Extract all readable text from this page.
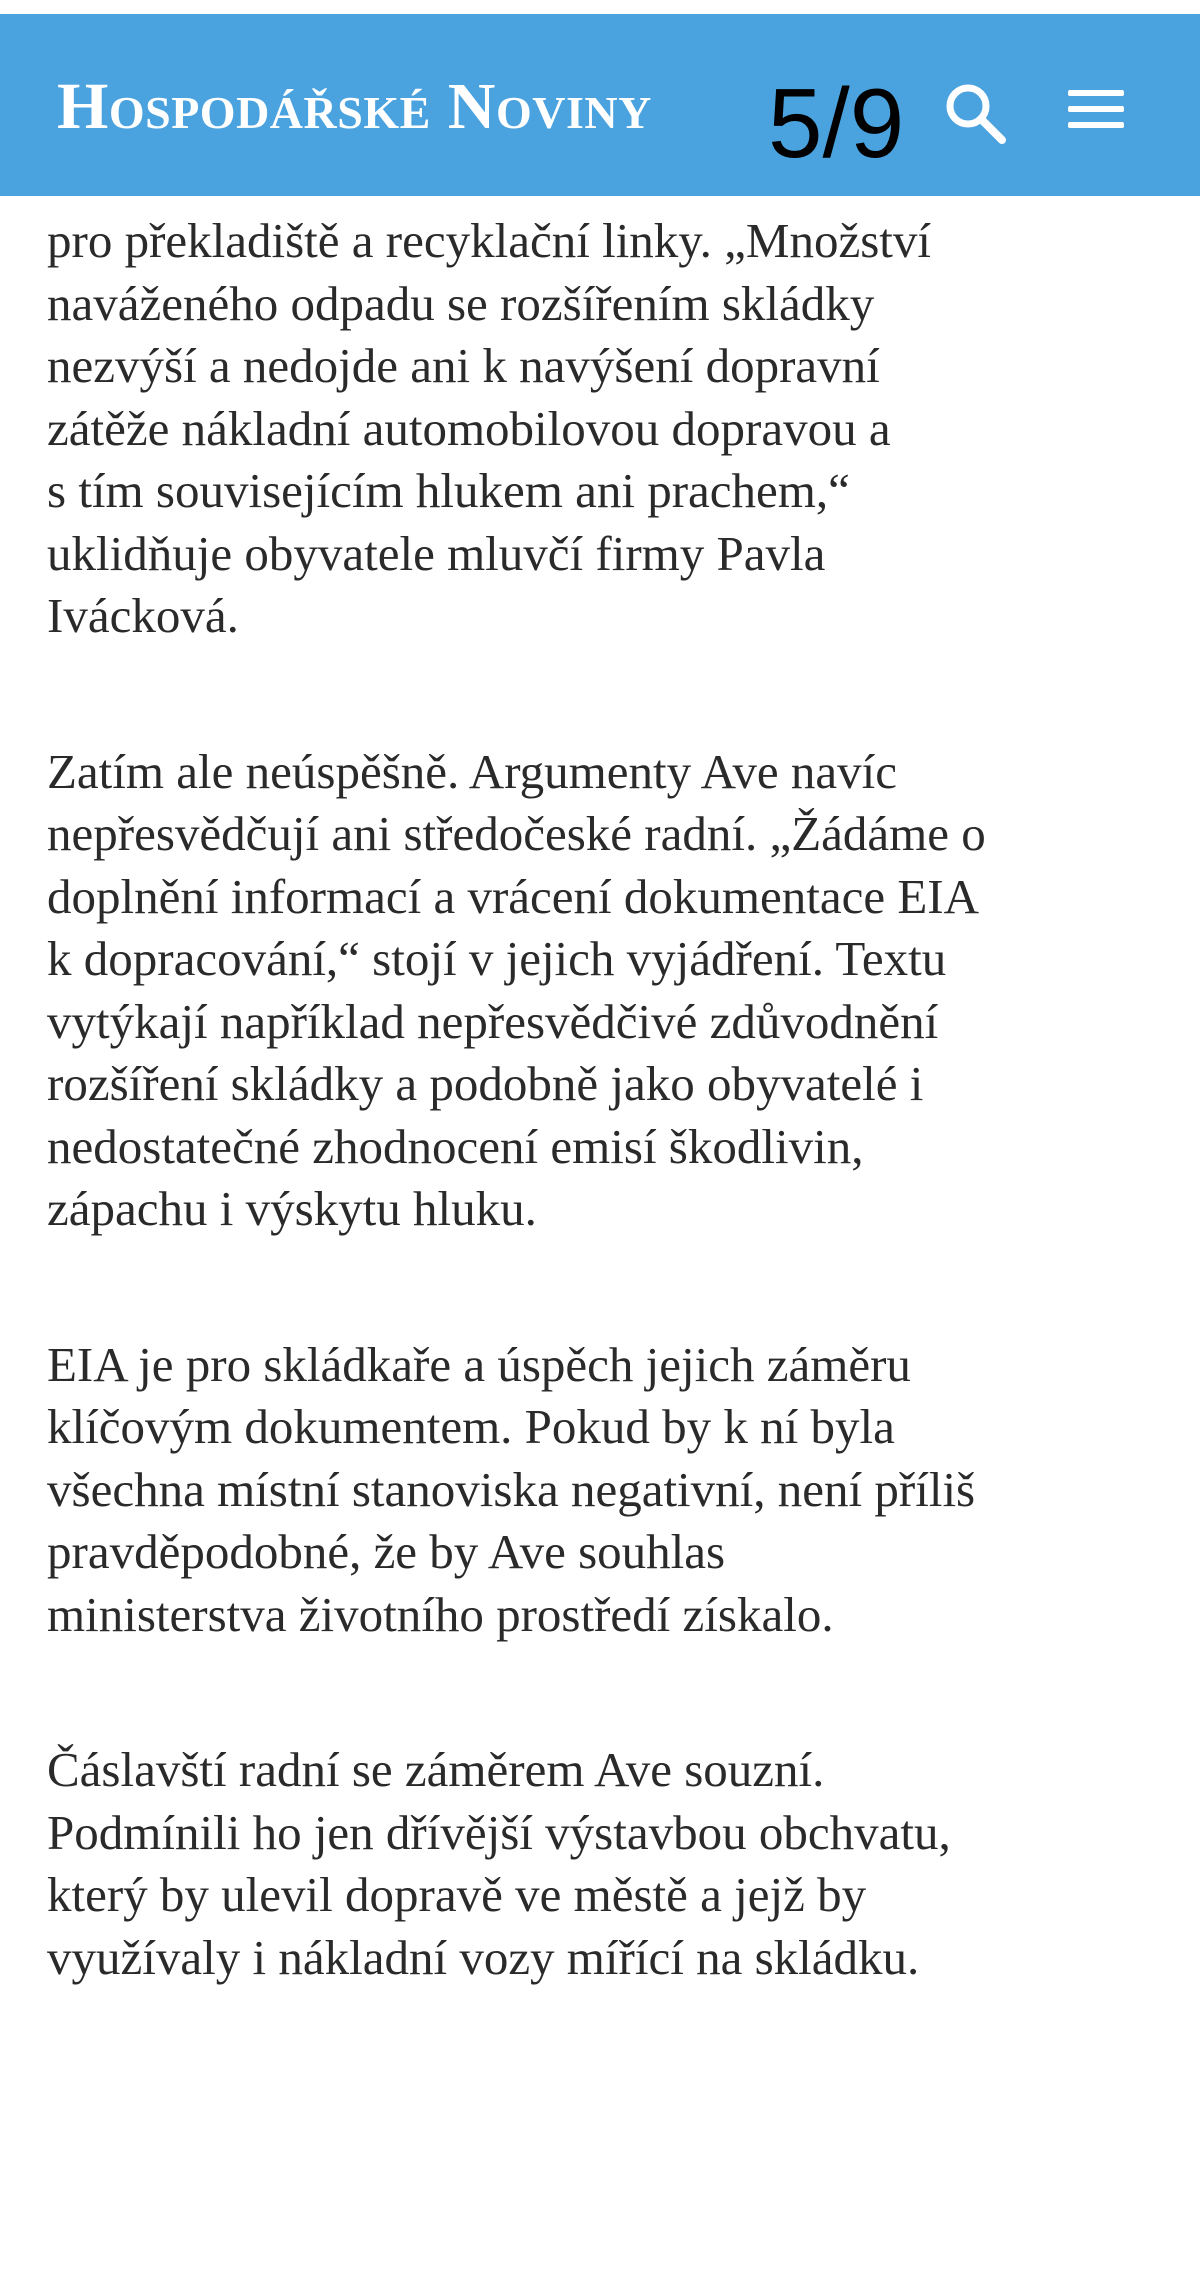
Hospodářské Noviny 5/9
pro překladiště a recyklační linky. „Množství
naváženého odpadu se rozšířením skládky
nezvýší a nedojde ani k navýšení dopravní
zátěže nákladní automobilovou dopravou a
s tím souvisejícím hlukem ani prachem,“
uklidňuje obyvatele mluvčí firmy Pavla
Ivácková.
Zatím ale neúspěšně. Argumenty Ave navíc
nepřesvědčují ani středočeské radní. „Žádáme o
doplnění informací a vrácení dokumentace EIA
k dopracování,“ stojí v jejich vyjádření. Textu
vytýkají například nepřesvědčivé zdůvodnění
rozšíření skládky a podobně jako obyvatelé i
nedostatečné zhodnocení emisí škodlivin,
zápachu i výskytu hluku.
EIA je pro skládkaře a úspěch jejich záměru
klíčovým dokumentem. Pokud by k ní byla
všechna místní stanoviska negativní, není příliš
pravděpodobné, že by Ave souhlas
ministerstva životního prostředí získalo.
Čáslavští radní se záměrem Ave souzní.
Podmínili ho jen dřívější výstavbou obchvatu,
který by ulevil dopravě ve městě a jejž by
využívaly i nákladní vozy mířící na skládku.
